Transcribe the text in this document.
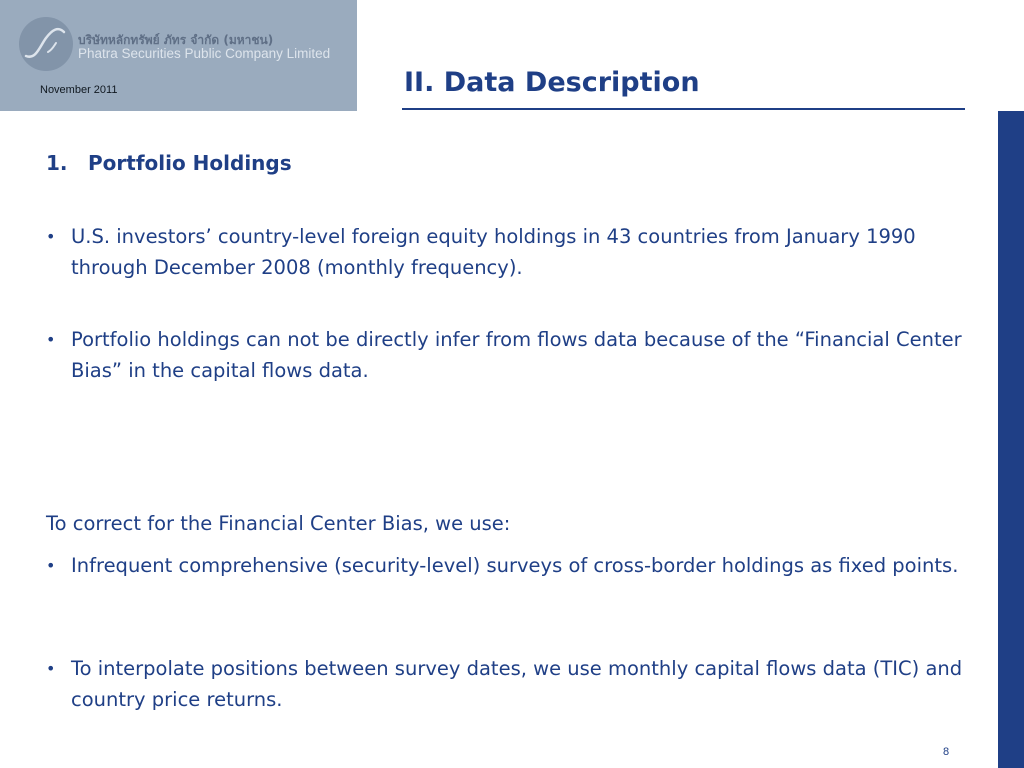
บริษัทหลักทรัพย์ ภัทร จำกัด (มหาชน)
Phatra Securities Public Company Limited
November 2011	II. Data Description
1. Portfolio Holdings
• U.S. investors’ country-level foreign equity holdings in 43 countries from January 1990 through December 2008 (monthly frequency).
• Portfolio holdings can not be directly infer from flows data because of the “Financial Center Bias” in the capital flows data.
To correct for the Financial Center Bias, we use:
• Infrequent comprehensive (security-level) surveys of cross-border holdings as fixed points.
• To interpolate positions between survey dates, we use monthly capital flows data (TIC) and country price returns.
8
